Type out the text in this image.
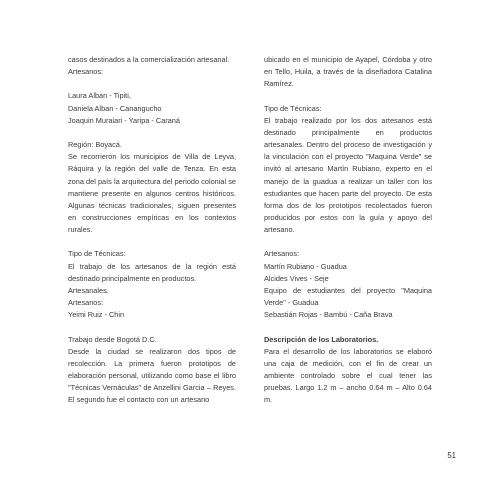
casos destinados a la comercialización artesanal.

Artesanos:

Laura Alban - Tipiti,

Daniela Alban - Canangucho

Joaquin Muraiari - Yaripa - Caraná

Región: Boyacá.

Se recorrieron los municipios de Villa de Leyva, Ráquira y la región del valle de Tenza. En esta zona del país la arquitectura del periodo colonial se mantiene presente en algunos centros históricos. Algunas técnicas tradicionales, siguen presentes en construcciones empíricas en los contextos rurales.

Tipo de Técnicas:

El trabajo de los artesanos de la región está destinado principalmente en productos.

Artesanales.

Artesanos:

Yeimi Ruiz - Chin

Trabajo desde Bogotá D.C.

Desde la ciudad se realizaron dos tipos de recolección. La primera fueron prototipos de elaboración personal, utilizando como base el libro "Técnicas Vernáculas" de Anzellini Garcia – Reyes. El segundo fue el contacto con un artesano

ubicado en el municipio de Ayapel, Córdoba y otro en Tello, Huila, a través de la diseñadora Catalina Ramírez.

Tipo de Técnicas:

El trabajo realizado por los dos artesanos está destinado principalmente en productos artesanales. Dentro del proceso de investigación y la vinculación con el proyecto "Maquina Verde" se invitó al artesano Martín Rubiano, experto en el manejo de la guadua a realizar un taller con los estudiantes que hacen parte del proyecto. De esta forma dos de los prototipos recolectados fueron producidos por estos con la guía y apoyo del artesano.

Artesanos:

Martín Rubiano - Guadua

Alcides Vives - Seje

Equipo de estudiantes del proyecto "Maquina Verde" - Guadua

Sebastián Rojas - Bambú - Caña Brava

Descripción de los Laboratorios.

Para el desarrollo de los laboratorios se elaboró una caja de medición, con el fin de crear un ambiente controlado sobre el cual tener las pruebas. Largo 1.2 m – ancho 0.64 m – Alto 0.64 m.

51
